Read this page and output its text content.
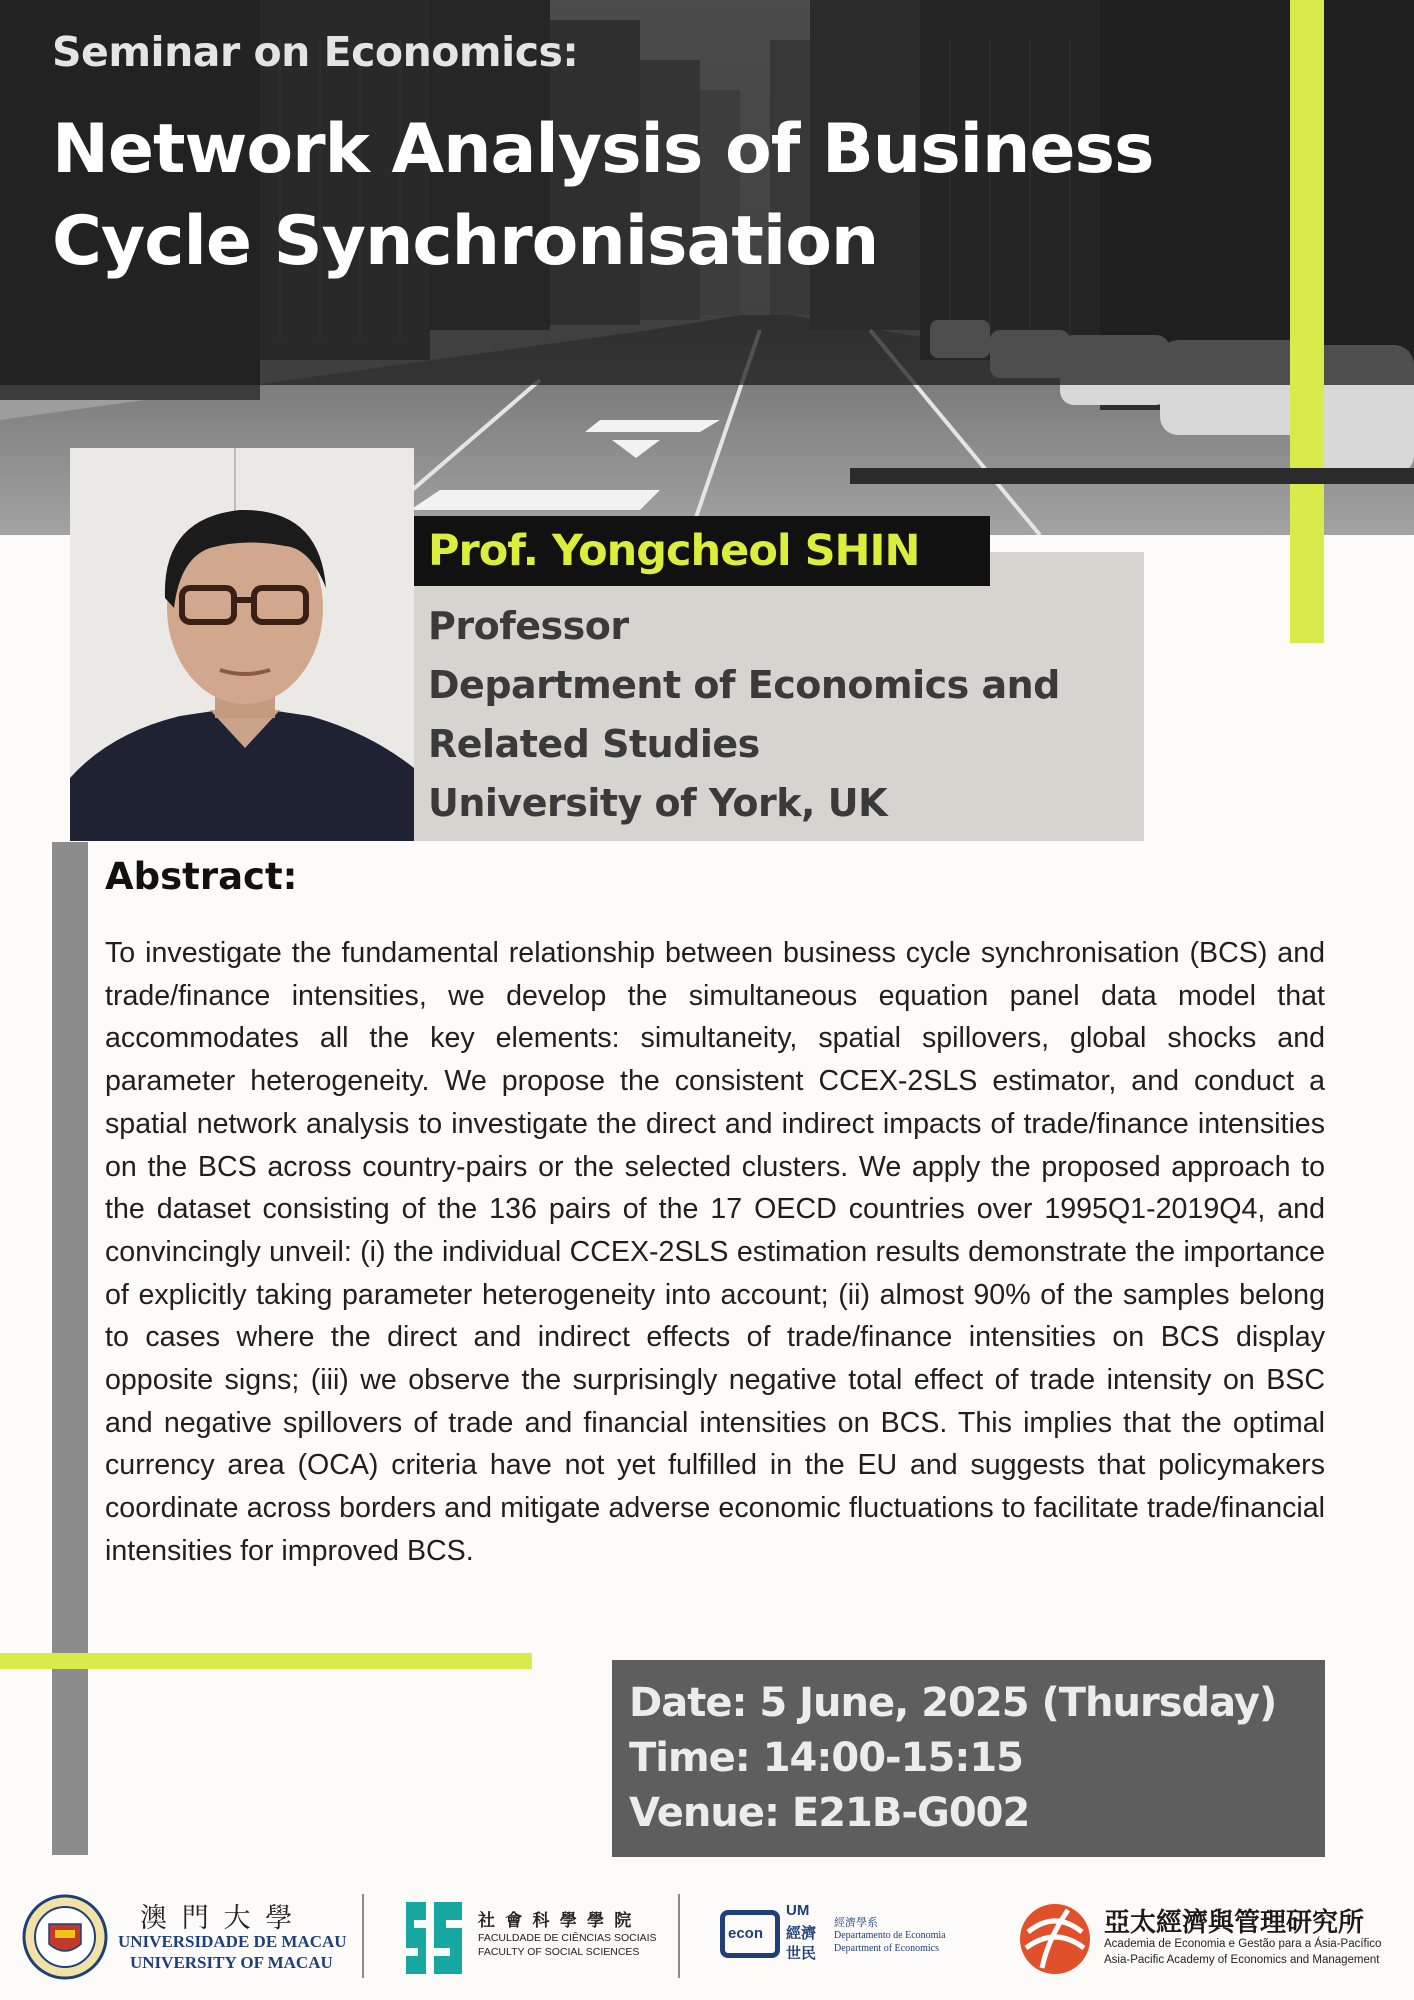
Seminar on Economics:
Network Analysis of Business Cycle Synchronisation
Prof. Yongcheol SHIN
Professor
Department of Economics and
Related Studies
University of York, UK
Abstract:
To investigate the fundamental relationship between business cycle synchronisation (BCS) and trade/finance intensities, we develop the simultaneous equation panel data model that accommodates all the key elements: simultaneity, spatial spillovers, global shocks and parameter heterogeneity. We propose the consistent CCEX-2SLS estimator, and conduct a spatial network analysis to investigate the direct and indirect impacts of trade/finance intensities on the BCS across country-pairs or the selected clusters. We apply the proposed approach to the dataset consisting of the 136 pairs of the 17 OECD countries over 1995Q1-2019Q4, and convincingly unveil: (i) the individual CCEX-2SLS estimation results demonstrate the importance of explicitly taking parameter heterogeneity into account; (ii) almost 90% of the samples belong to cases where the direct and indirect effects of trade/finance intensities on BCS display opposite signs; (iii) we observe the surprisingly negative total effect of trade intensity on BSC and negative spillovers of trade and financial intensities on BCS. This implies that the optimal currency area (OCA) criteria have not yet fulfilled in the EU and suggests that policymakers coordinate across borders and mitigate adverse economic fluctuations to facilitate trade/financial intensities for improved BCS.
Date: 5 June, 2025 (Thursday)
Time: 14:00-15:15
Venue: E21B-G002
澳 門 大 學
UNIVERSIDADE DE MACAU
UNIVERSITY OF MACAU
社 會 科 學 學 院
FACULDADE DE CIÊNCIAS SOCIAIS
FACULTY OF SOCIAL SCIENCES
econ
UM
經濟
世民
經濟學系
Departamento de Economia
Department of Economics
亞太經濟與管理研究所
Academia de Economia e Gestão para a Ásia-Pacífico
Asia-Pacific Academy of Economics and Management
